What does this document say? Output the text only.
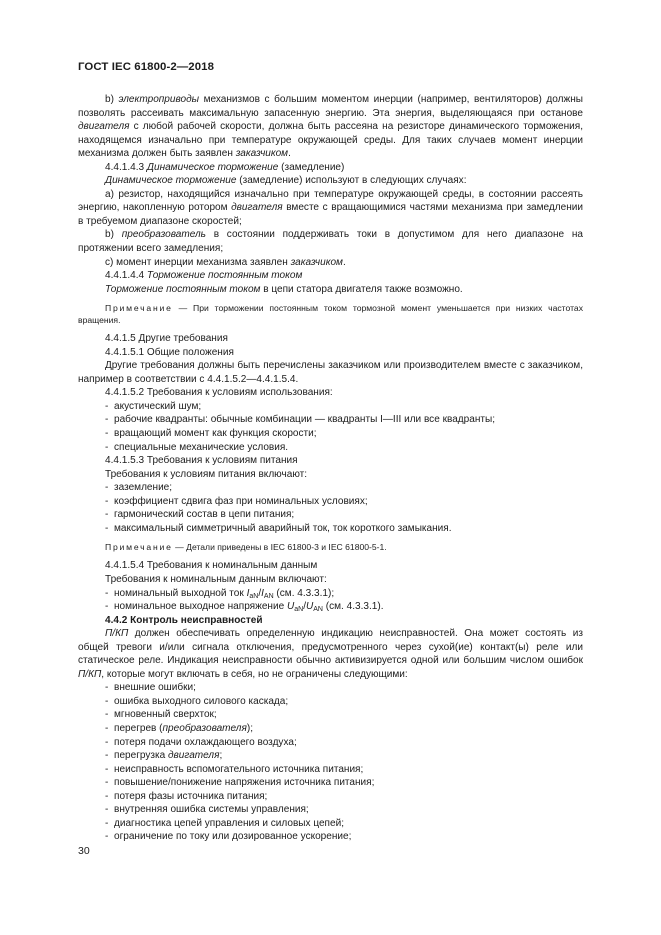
ГОСТ IEC 61800-2—2018

b) электроприводы механизмов с большим моментом инерции (например, вентиляторов) должны позволять рассеивать максимальную запасенную энергию. Эта энергия, выделяющаяся при останове двигателя с любой рабочей скорости, должна быть рассеяна на резисторе динамического торможения, находящемся изначально при температуре окружающей среды. Для таких случаев момент инерции механизма должен быть заявлен заказчиком.

4.4.1.4.3 Динамическое торможение (замедление)

Динамическое торможение (замедление) используют в следующих случаях:

а) резистор, находящийся изначально при температуре окружающей среды, в состоянии рассеять энергию, накопленную ротором двигателя вместе с вращающимися частями механизма при замедлении в требуемом диапазоне скоростей;

b) преобразователь в состоянии поддерживать токи в допустимом для него диапазоне на протяжении всего замедления;

с) момент инерции механизма заявлен заказчиком.

4.4.1.4.4 Торможение постоянным током

Торможение постоянным током в цепи статора двигателя также возможно.

Примечание — При торможении постоянным током тормозной момент уменьшается при низких частотах вращения.

4.4.1.5 Другие требования

4.4.1.5.1 Общие положения

Другие требования должны быть перечислены заказчиком или производителем вместе с заказчиком, например в соответствии с 4.4.1.5.2—4.4.1.5.4.

4.4.1.5.2 Требования к условиям использования:

- акустический шум;
- рабочие квадранты: обычные комбинации — квадранты I—III или все квадранты;
- вращающий момент как функция скорости;
- специальные механические условия.

4.4.1.5.3 Требования к условиям питания

Требования к условиям питания включают:

- заземление;
- коэффициент сдвига фаз при номинальных условиях;
- гармонический состав в цепи питания;
- максимальный симметричный аварийный ток, ток короткого замыкания.

Примечание — Детали приведены в IEC 61800-3 и IEC 61800-5-1.

4.4.1.5.4 Требования к номинальным данным

Требования к номинальным данным включают:

- номинальный выходной ток $I_{aN}/I_{AN}$ (см. 4.3.3.1);
- номинальное выходное напряжение $U_{aN}/U_{AN}$ (см. 4.3.3.1).

4.4.2 Контроль неисправностей

П/КП должен обеспечивать определенную индикацию неисправностей. Она может состоять из общей тревоги и/или сигнала отключения, предусмотренного через сухой(ие) контакт(ы) реле или статическое реле. Индикация неисправности обычно активизируется одной или большим числом ошибок П/КП, которые могут включать в себя, но не ограничены следующими:

- внешние ошибки;
- ошибка выходного силового каскада;
- мгновенный сверхток;
- перегрев (преобразователя);
- потеря подачи охлаждающего воздуха;
- перегрузка двигателя;
- неисправность вспомогательного источника питания;
- повышение/понижение напряжения источника питания;
- потеря фазы источника питания;
- внутренняя ошибка системы управления;
- диагностика цепей управления и силовых цепей;
- ограничение по току или дозированное ускорение;
30
